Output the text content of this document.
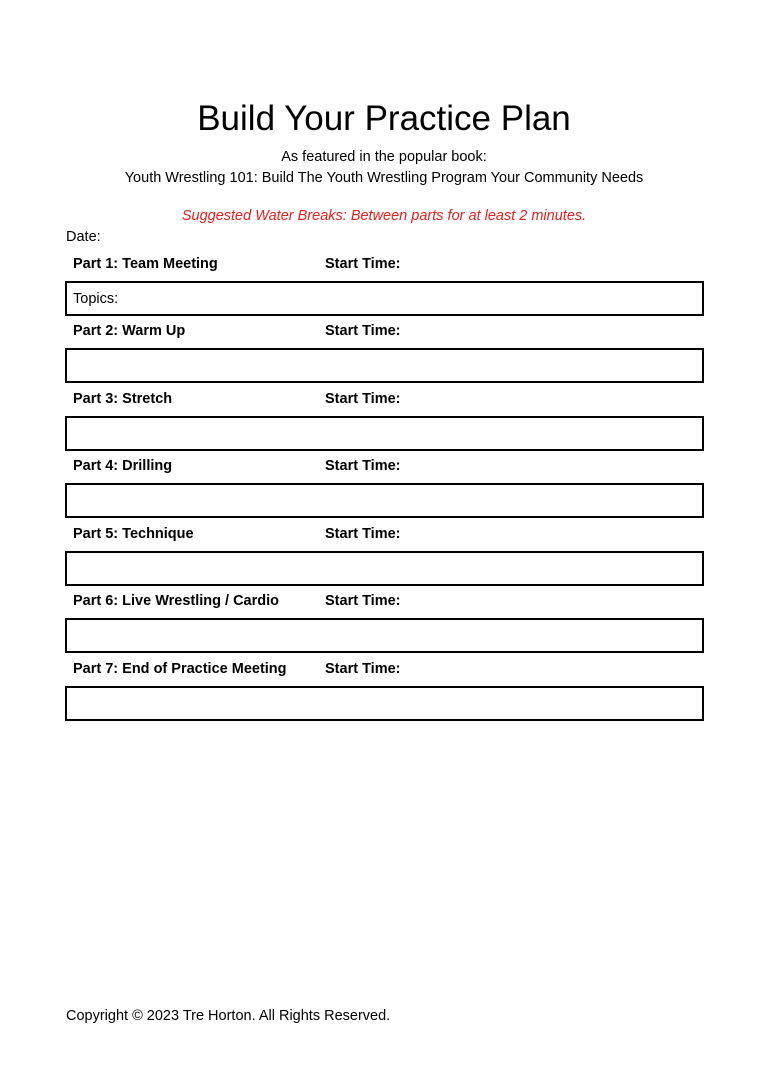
Build Your Practice Plan
As featured in the popular book:
Youth Wrestling 101: Build The Youth Wrestling Program Your Community Needs
Suggested Water Breaks: Between parts for at least 2 minutes.
Date:
Part 1: Team Meeting	Start Time:
Topics:
Part 2: Warm Up	Start Time:
Part 3: Stretch	Start Time:
Part 4: Drilling	Start Time:
Part 5: Technique	Start Time:
Part 6: Live Wrestling / Cardio	Start Time:
Part 7: End of Practice Meeting	Start Time:
Copyright © 2023 Tre Horton. All Rights Reserved.
